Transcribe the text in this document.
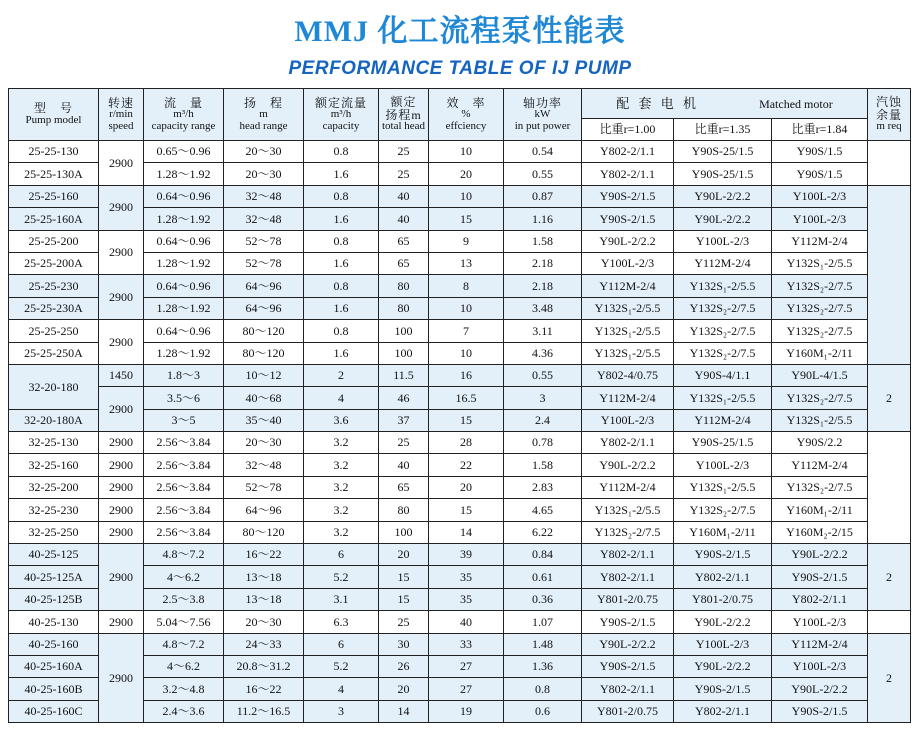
MMJ 化工流程泵性能表
PERFORMANCE TABLE OF IJ PUMP
型　号
Pump model	转速
r/min
speed	流　量
m³/h
capacity range	扬　程
m
head range	额定流量
m³/h
capacity	额定
扬程m
total head	效　率
%
effciency	轴功率
kW
in put power	配 套 电 机 Matched motor			汽蚀
余量
m req

								比重r=1.00	比重r=1.35	比重r=1.84	
25-25-130	2900	0.65～0.96	20～30	0.8	25	10	0.54	Y802-2/1.1	Y90S-25/1.5	Y90S/1.5	
25-25-130A		1.28～1.92	20～30	1.6	25	20	0.55	Y802-2/1.1	Y90S-25/1.5	Y90S/1.5	
25-25-160	2900	0.64～0.96	32～48	0.8	40	10	0.87	Y90S-2/1.5	Y90L-2/2.2	Y100L-2/3	
25-25-160A		1.28～1.92	32～48	1.6	40	15	1.16	Y90S-2/1.5	Y90L-2/2.2	Y100L-2/3	
25-25-200	2900	0.64～0.96	52～78	0.8	65	9	1.58	Y90L-2/2.2	Y100L-2/3	Y112M-2/4	
25-25-200A		1.28～1.92	52～78	1.6	65	13	2.18	Y100L-2/3	Y112M-2/4	Y132S₁-2/5.5	
25-25-230	2900	0.64～0.96	64～96	0.8	80	8	2.18	Y112M-2/4	Y132S₁-2/5.5	Y132S₂-2/7.5	
25-25-230A		1.28～1.92	64～96	1.6	80	10	3.48	Y132S₁-2/5.5	Y132S₂-2/7.5	Y132S₂-2/7.5	
25-25-250	2900	0.64～0.96	80～120	0.8	100	7	3.11	Y132S₁-2/5.5	Y132S₂-2/7.5	Y132S₂-2/7.5	
25-25-250A		1.28～1.92	80～120	1.6	100	10	4.36	Y132S₁-2/5.5	Y132S₂-2/7.5	Y160M₁-2/11	
32-20-180	1450	1.8～3	10～12	2	11.5	16	0.55	Y802-4/0.75	Y90S-4/1.1	Y90L-4/1.5	2
	2900	3.5～6	40～68	4	46	16.5	3	Y112M-2/4	Y132S₁-2/5.5	Y132S₂-2/7.5	
32-20-180A		3～5	35～40	3.6	37	15	2.4	Y100L-2/3	Y112M-2/4	Y132S₁-2/5.5	
32-25-130	2900	2.56～3.84	20～30	3.2	25	28	0.78	Y802-2/1.1	Y90S-25/1.5	Y90S/2.2	
32-25-160	2900	2.56～3.84	32～48	3.2	40	22	1.58	Y90L-2/2.2	Y100L-2/3	Y112M-2/4	
32-25-200	2900	2.56～3.84	52～78	3.2	65	20	2.83	Y112M-2/4	Y132S₁-2/5.5	Y132S₂-2/7.5	
32-25-230	2900	2.56～3.84	64～96	3.2	80	15	4.65	Y132S₁-2/5.5	Y132S₂-2/7.5	Y160M₁-2/11	
32-25-250	2900	2.56～3.84	80～120	3.2	100	14	6.22	Y132S₂-2/7.5	Y160M₁-2/11	Y160M₂-2/15	
40-25-125	2900	4.8～7.2	16～22	6	20	39	0.84	Y802-2/1.1	Y90S-2/1.5	Y90L-2/2.2	2
40-25-125A		4～6.2	13～18	5.2	15	35	0.61	Y802-2/1.1	Y802-2/1.1	Y90S-2/1.5	
40-25-125B		2.5～3.8	13～18	3.1	15	35	0.36	Y801-2/0.75	Y801-2/0.75	Y802-2/1.1	
40-25-130	2900	5.04～7.56	20～30	6.3	25	40	1.07	Y90S-2/1.5	Y90L-2/2.2	Y100L-2/3	
40-25-160	2900	4.8～7.2	24～33	6	30	33	1.48	Y90L-2/2.2	Y100L-2/3	Y112M-2/4	2
40-25-160A		4～6.2	20.8～31.2	5.2	26	27	1.36	Y90S-2/1.5	Y90L-2/2.2	Y100L-2/3	
40-25-160B		3.2～4.8	16～22	4	20	27	0.8	Y802-2/1.1	Y90S-2/1.5	Y90L-2/2.2	
40-25-160C		2.4～3.6	11.2～16.5	3	14	19	0.6	Y801-2/0.75	Y802-2/1.1	Y90S-2/1.5	
